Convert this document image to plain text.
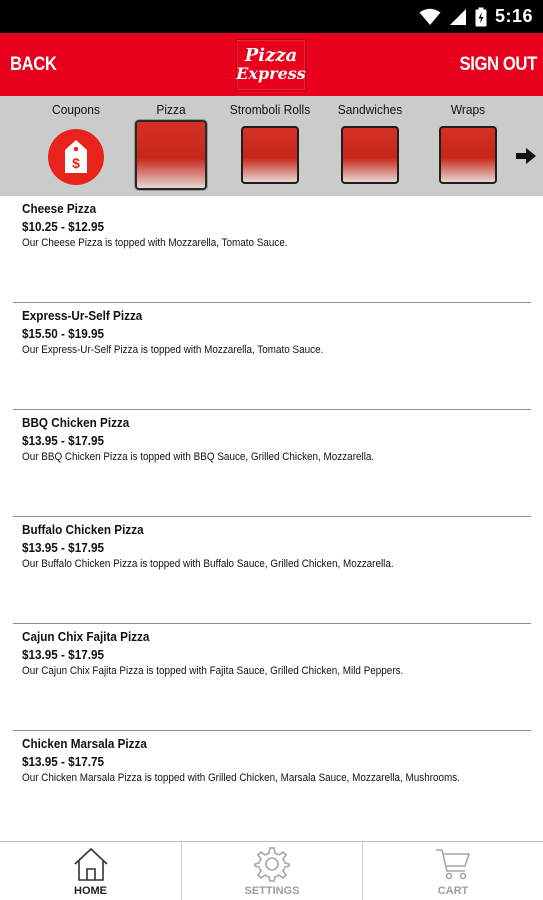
5:16
BACK	Pizza
Express	SIGN OUT
Coupons
$
Pizza	Stromboli Rolls	Sandwiches	Wraps
Cheese Pizza
$10.25 - $12.95
Our Cheese Pizza is topped with Mozzarella, Tomato Sauce.
Express-Ur-Self Pizza
$15.50 - $19.95
Our Express-Ur-Self Pizza is topped with Mozzarella, Tomato Sauce.
BBQ Chicken Pizza
$13.95 - $17.95
Our BBQ Chicken Pizza is topped with BBQ Sauce, Grilled Chicken, Mozzarella.
Buffalo Chicken Pizza
$13.95 - $17.95
Our Buffalo Chicken Pizza is topped with Buffalo Sauce, Grilled Chicken, Mozzarella.
Cajun Chix Fajita Pizza
$13.95 - $17.95
Our Cajun Chix Fajita Pizza is topped with Fajita Sauce, Grilled Chicken, Mild Peppers.
Chicken Marsala Pizza
$13.95 - $17.75
Our Chicken Marsala Pizza is topped with Grilled Chicken, Marsala Sauce, Mozzarella, Mushrooms.
HOME	SETTINGS	CART
